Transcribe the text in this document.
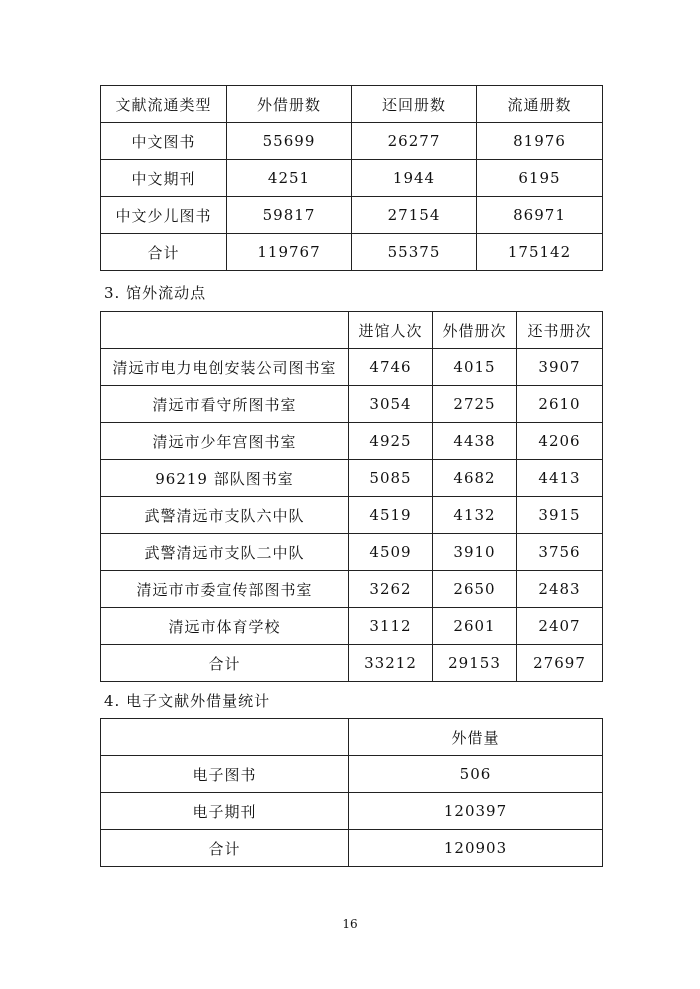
文献流通类型	外借册数	还回册数	流通册数
中文图书	55699	26277	81976
中文期刊	4251	1944	6195
中文少儿图书	59817	27154	86971
合计	119767	55375	175142
3. 馆外流动点
	进馆人次	外借册次	还书册次
清远市电力电创安装公司图书室	4746	4015	3907
清远市看守所图书室	3054	2725	2610
清远市少年宫图书室	4925	4438	4206
96219 部队图书室	5085	4682	4413
武警清远市支队六中队	4519	4132	3915
武警清远市支队二中队	4509	3910	3756
清远市市委宣传部图书室	3262	2650	2483
清远市体育学校	3112	2601	2407
合计	33212	29153	27697
4. 电子文献外借量统计
	外借量
电子图书	506
电子期刊	120397
合计	120903
16
